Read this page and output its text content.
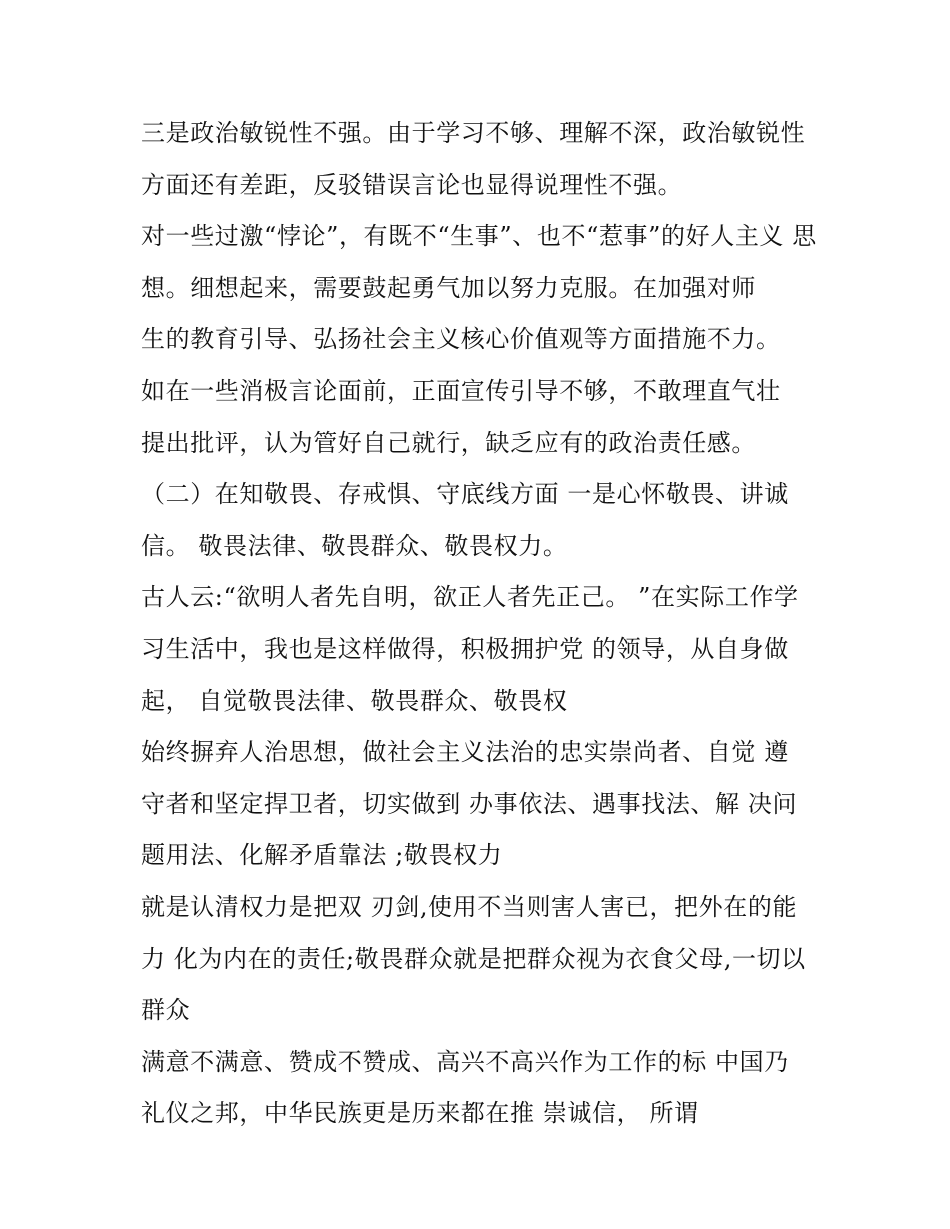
三是政治敏锐性不强。由于学习不够、理解不深，政治敏锐性
方面还有差距，反驳错误言论也显得说理性不强。
对一些过激“悖论”，有既不“生事”、也不“惹事”的好人主义 思
想。细想起来，需要鼓起勇气加以努力克服。在加强对师
生的教育引导、弘扬社会主义核心价值观等方面措施不力。
如在一些消极言论面前，正面宣传引导不够，不敢理直气壮
提出批评，认为管好自己就行，缺乏应有的政治责任感。
（二）在知敬畏、存戒惧、守底线方面 一是心怀敬畏、讲诚
信。 敬畏法律、敬畏群众、敬畏权力。
古人云:“欲明人者先自明，欲正人者先正己。 ”在实际工作学
习生活中，我也是这样做得，积极拥护党 的领导，从自身做
起， 自觉敬畏法律、敬畏群众、敬畏权
始终摒弃人治思想，做社会主义法治的忠实崇尚者、自觉 遵
守者和坚定捍卫者，切实做到 办事依法、遇事找法、解 决问
题用法、化解矛盾靠法 ;敬畏权力
就是认清权力是把双 刃剑,使用不当则害人害已，把外在的能
力 化为内在的责任;敬畏群众就是把群众视为衣食父母,一切以
群众
满意不满意、赞成不赞成、高兴不高兴作为工作的标 中国乃
礼仪之邦，中华民族更是历来都在推 崇诚信， 所谓
